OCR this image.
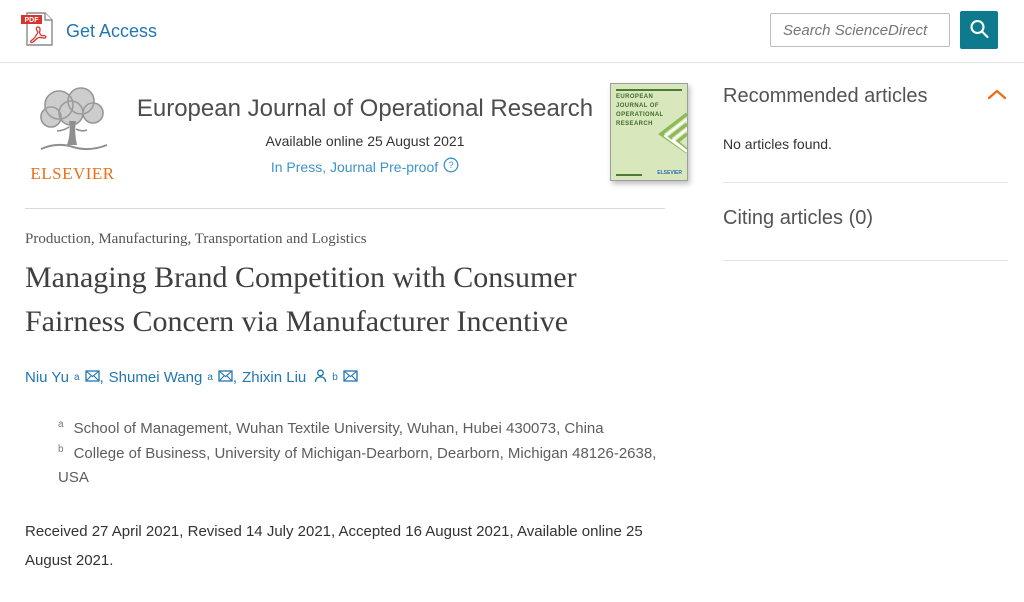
PDF
Get Access
Search ScienceDirect
ELSEVIER
European Journal of Operational Research
Available online 25 August 2021
In Press, Journal Pre-proof ?
EUROPEAN JOURNAL OF OPERATIONAL RESEARCH
ELSEVIER
Production, Manufacturing, Transportation and Logistics
Managing Brand Competition with Consumer Fairness Concern via Manufacturer Incentive
Niu Yu a , Shumei Wang a , Zhixin Liu	b
$^a$ School of Management, Wuhan Textile University, Wuhan, Hubei 430073, China
$^b$ College of Business, University of Michigan-Dearborn, Dearborn, Michigan 48126-2638, USA

Received 27 April 2021, Revised 14 July 2021, Accepted 16 August 2021, Available online 25 August 2021.

Recommended articles
No articles found.
Citing articles (0)
